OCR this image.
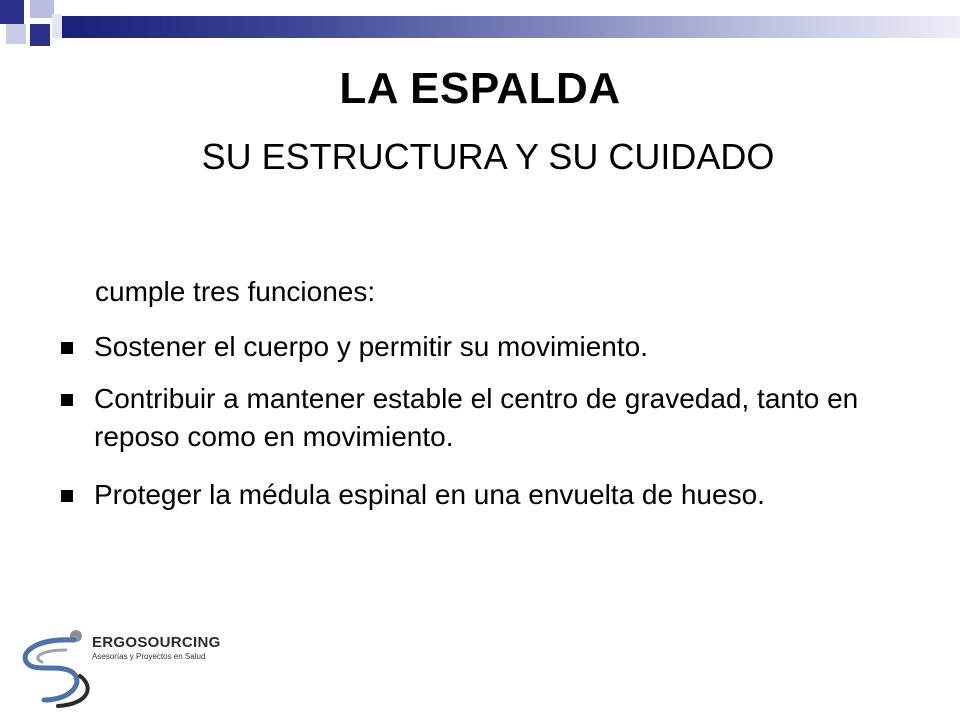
LA ESPALDA
SU ESTRUCTURA Y SU CUIDADO
cumple tres funciones:
Sostener el cuerpo y permitir su movimiento.
Contribuir a mantener estable el centro de gravedad, tanto en reposo como en movimiento.
Proteger la médula espinal en una envuelta de hueso.
ERGOSOURCING
Asesorías y Proyectos en Salud
